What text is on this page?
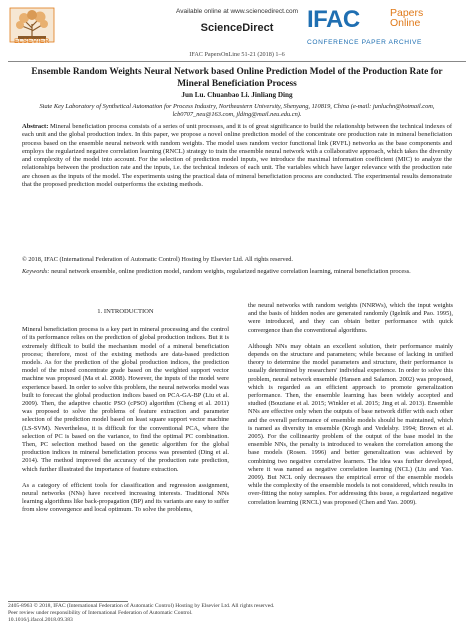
ELSEVIER
Available online at www.sciencedirect.com
ScienceDirect	IFAC	Papers
Online
CONFERENCE PAPER ARCHIVE
IFAC PapersOnLine 51-21 (2018) 1–6
Ensemble Random Weights Neural Network based Online Prediction Model of the Production Rate for Mineral Beneficiation Process
Jun Lu. Chuanbao Li. Jinliang Ding
State Key Laboratory of Synthetical Automation for Process Industry, Northeastern University, Shenyang, 110819, China (e-mail: junluchn@hotmail.com, lcb0707_neu@163.com, jlding@mail.neu.edu.cn).
Abstract: Mineral beneficiation process consists of a series of unit processes, and it is of great significance to build the relationship between the technical indexes of each unit and the global production index. In this paper, we propose a novel online prediction model of the concentrate ore production rate in mineral beneficiation process based on the ensemble neural network with random weights. The model uses random vector functional link (RVFL) networks as the base components and employs the regularized negative correlation learning (RNCL) strategy to train the ensemble neural network with a collaborative approach, which takes the diversity and complexity of the model into account. For the selection of prediction model inputs, we introduce the maximal information coefficient (MIC) to analyze the relationships between the production rate and the inputs, i.e. the technical indexes of each unit. The variables which have larger relevance with the production rate are chosen as the inputs of the model. The experiments using the practical data of mineral beneficiation process are conducted. The experimental results demonstrate that the proposed prediction model outperforms the existing methods.
© 2018, IFAC (International Federation of Automatic Control) Hosting by Elsevier Ltd. All rights reserved.
Keywords: neural network ensemble, online prediction model, random weights, regularized negative correlation learning, mineral beneficiation process.
1. INTRODUCTION

Mineral beneficiation process is a key part in mineral processing and the control of its performance relies on the prediction of global production indices. But it is extremely difficult to build the mechanism model of a mineral beneficiation process; therefore, most of the existing methods are data-based prediction models. As for the prediction of the global production indices, the prediction model of the mixed concentrate grade based on the weighted support vector machine was proposed (Ma et al. 2008). However, the inputs of the model were experience based. In order to solve this problem, the neural networks model was built to forecast the global production indices based on PCA-GA-BP (Liu et al. 2009). Then, the adaptive chaotic PSO (cPSO) algorithm (Cheng et al. 2011) was proposed to solve the problems of feature extraction and parameter selection of the prediction model based on least square support vector machine (LS-SVM). Nevertheless, it is difficult for the conventional PCA, where the selection of PC is based on the variance, to find the optimal PC combination. Then, PC selection method based on the genetic algorithm for the global production indices in mineral beneficiation process was presented (Ding et al. 2014). The method improved the accuracy of the production rate prediction, which further illustrated the importance of feature extraction.

As a category of efficient tools for classification and regression assignment, neural networks (NNs) have received increasing interests. Traditional NNs learning algorithms like back-propagation (BP) and its variants are easy to suffer from slow convergence and local optimum. To solve the problems,

the neural networks with random weights (NNRWs), which the input weights and the basis of hidden nodes are generated randomly (Igelnik and Pao. 1995), were introduced, and they can obtain better performance with quick convergence than the conventional algorithms.

Although NNs may obtain an excellent solution, their performance mainly depends on the structure and parameters; while because of lacking in unified theory to determine the model parameters and structure, their performance is usually determined by researchers' individual experience. In order to solve this problem, neural network ensemble (Hansen and Salamon. 2002) was proposed, which is regarded as an efficient approach to promote generalization performance. Then, the ensemble learning has been widely accepted and studied (Bouziane et al. 2015; Winkler et al. 2015; Jing et al. 2013). Ensemble NNs are effective only when the outputs of base network differ with each other and the overall performance of ensemble models should be maintained, which is named as diversity in ensemble (Krogh and Vedelsby. 1994; Brown et al. 2005). For the collinearity problem of the output of the base model in the ensemble NNs, the penalty is introduced to weaken the correlation among the base models (Rosen. 1996) and better generalization was achieved by combining two negative correlative learners. The idea was further developed, where it was named as negative correlation learning (NCL) (Liu and Yao. 2009). But NCL only decreases the empirical error of the ensemble models while the complexity of the ensemble models is not considered, which results in over-fitting the noisy samples. For addressing this issue, a regularized negative correlation learning (RNCL) was proposed (Chen and Yao. 2009).

2405-8963 © 2018, IFAC (International Federation of Automatic Control) Hosting by Elsevier Ltd. All rights reserved.
Peer review under responsibility of International Federation of Automatic Control.
10.1016/j.ifacol.2018.09.383
